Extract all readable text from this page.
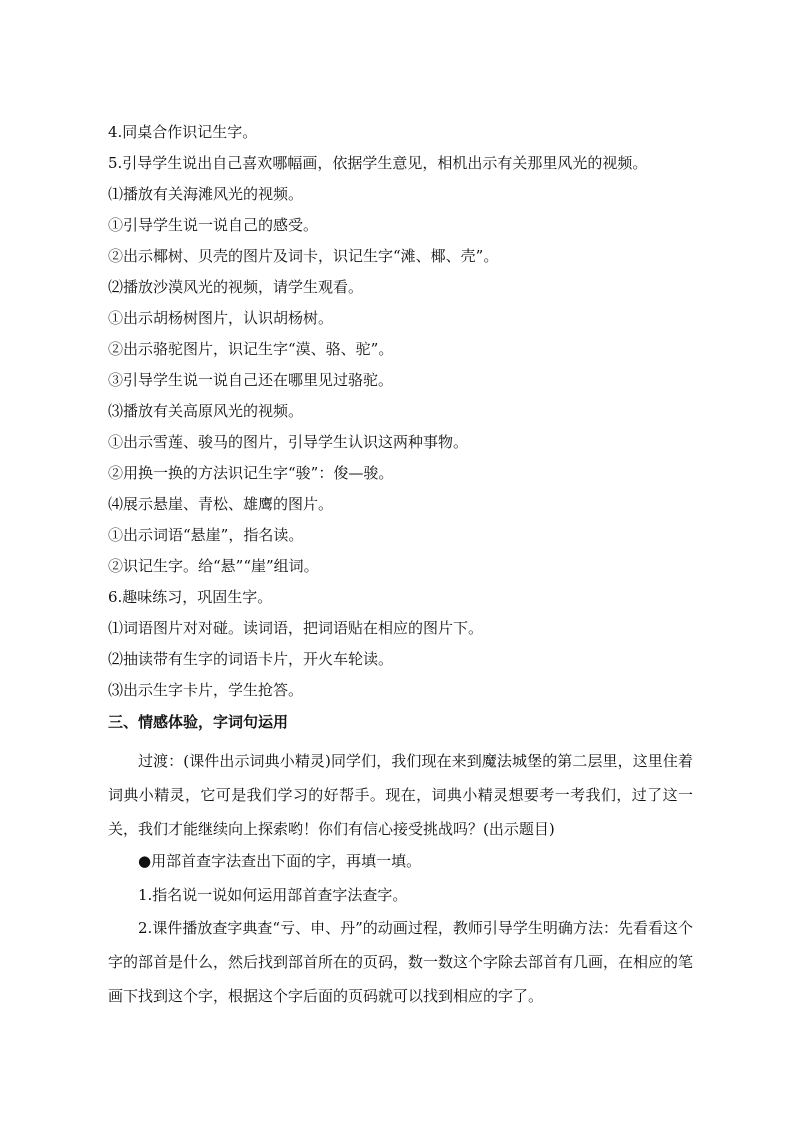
4.同桌合作识记生字。
5.引导学生说出自己喜欢哪幅画，依据学生意见，相机出示有关那里风光的视频。
⑴播放有关海滩风光的视频。
①引导学生说一说自己的感受。
②出示椰树、贝壳的图片及词卡，识记生字“滩、椰、壳”。
⑵播放沙漠风光的视频，请学生观看。
①出示胡杨树图片，认识胡杨树。
②出示骆驼图片，识记生字“漠、骆、驼”。
③引导学生说一说自己还在哪里见过骆驼。
⑶播放有关高原风光的视频。
①出示雪莲、骏马的图片，引导学生认识这两种事物。
②用换一换的方法识记生字“骏”：俊—骏。
⑷展示悬崖、青松、雄鹰的图片。
①出示词语“悬崖”，指名读。
②识记生字。给“悬”“崖”组词。
6.趣味练习，巩固生字。
⑴词语图片对对碰。读词语，把词语贴在相应的图片下。
⑵抽读带有生字的词语卡片，开火车轮读。
⑶出示生字卡片，学生抢答。
三、情感体验，字词句运用
过渡：(课件出示词典小精灵)同学们，我们现在来到魔法城堡的第二层里，这里住着词典小精灵，它可是我们学习的好帮手。现在，词典小精灵想要考一考我们，过了这一关，我们才能继续向上探索哟！你们有信心接受挑战吗？(出示题目)
●用部首查字法查出下面的字，再填一填。
1.指名说一说如何运用部首查字法查字。
2.课件播放查字典查“亏、申、丹”的动画过程，教师引导学生明确方法：先看看这个字的部首是什么，然后找到部首所在的页码，数一数这个字除去部首有几画，在相应的笔画下找到这个字，根据这个字后面的页码就可以找到相应的字了。
